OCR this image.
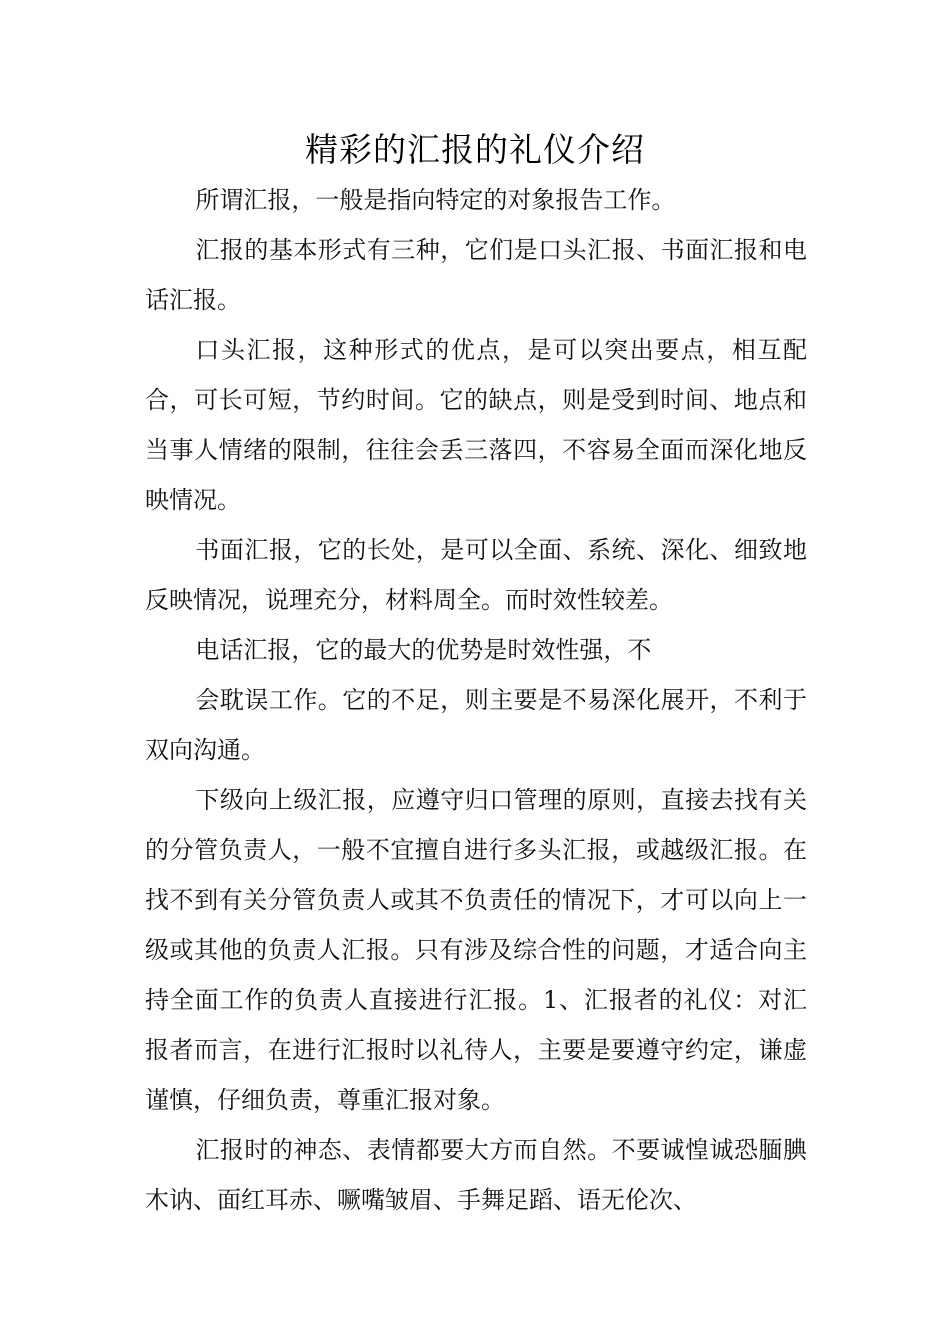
精彩的汇报的礼仪介绍

所谓汇报，一般是指向特定的对象报告工作。

汇报的基本形式有三种，它们是口头汇报、书面汇报和电话汇报。

口头汇报，这种形式的优点，是可以突出要点，相互配合，可长可短，节约时间。它的缺点，则是受到时间、地点和当事人情绪的限制，往往会丢三落四，不容易全面而深化地反映情况。

书面汇报，它的长处，是可以全面、系统、深化、细致地反映情况，说理充分，材料周全。而时效性较差。

电话汇报，它的最大的优势是时效性强，不

会耽误工作。它的不足，则主要是不易深化展开，不利于双向沟通。

下级向上级汇报，应遵守归口管理的原则，直接去找有关的分管负责人，一般不宜擅自进行多头汇报，或越级汇报。在找不到有关分管负责人或其不负责任的情况下，才可以向上一级或其他的负责人汇报。只有涉及综合性的问题，才适合向主持全面工作的负责人直接进行汇报。1、汇报者的礼仪：对汇报者而言，在进行汇报时以礼待人，主要是要遵守约定，谦虚谨慎，仔细负责，尊重汇报对象。

汇报时的神态、表情都要大方而自然。不要诚惶诚恐腼腆木讷、面红耳赤、噘嘴皱眉、手舞足蹈、语无伦次、
